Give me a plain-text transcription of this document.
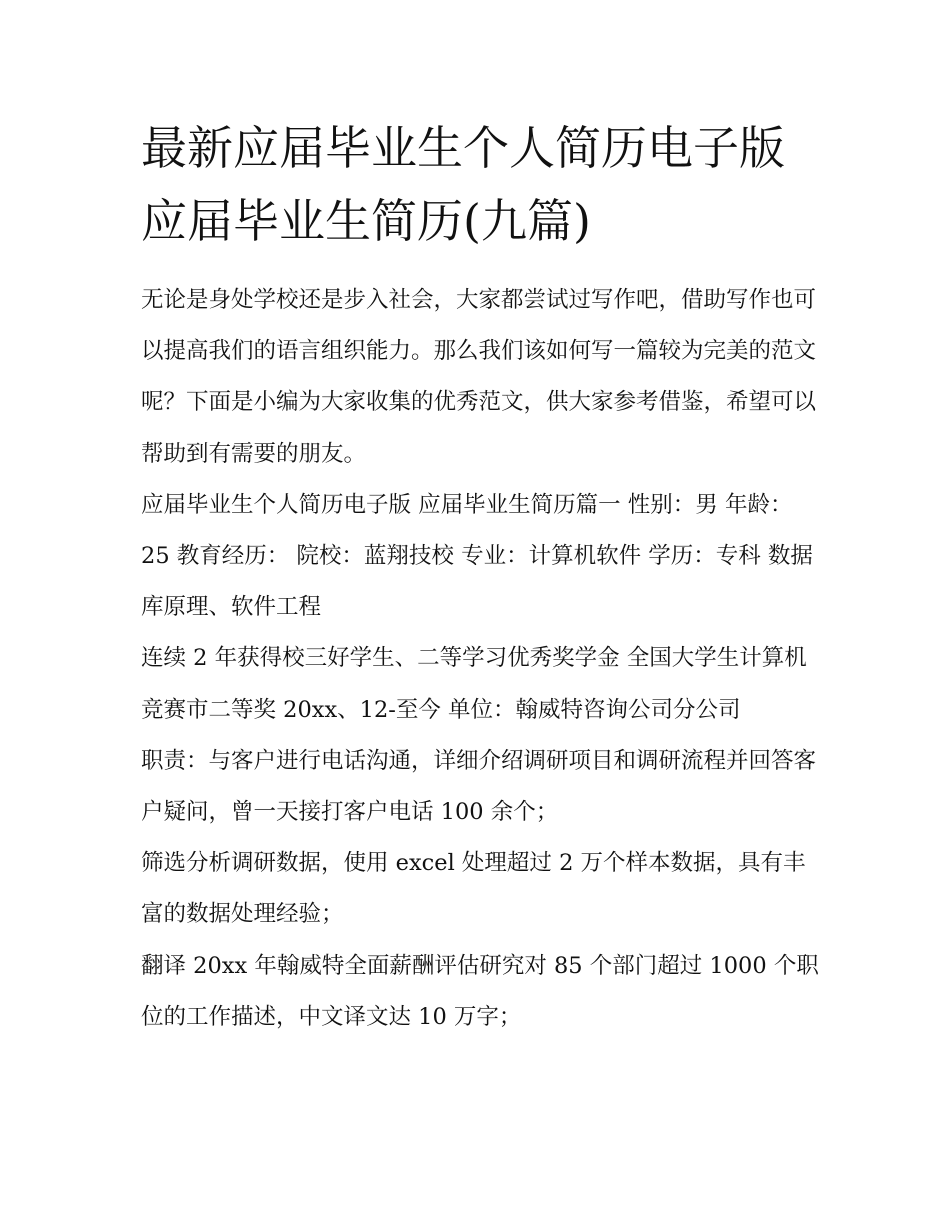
最新应届毕业生个人简历电子版 应届毕业生简历(九篇)

无论是身处学校还是步入社会，大家都尝试过写作吧，借助写作也可以提高我们的语言组织能力。那么我们该如何写一篇较为完美的范文呢？下面是小编为大家收集的优秀范文，供大家参考借鉴，希望可以帮助到有需要的朋友。

应届毕业生个人简历电子版 应届毕业生简历篇一 性别：男 年龄：25 教育经历： 院校：蓝翔技校 专业：计算机软件 学历：专科 数据库原理、软件工程

连续 2 年获得校三好学生、二等学习优秀奖学金 全国大学生计算机竞赛市二等奖 20xx、12-至今 单位：翰威特咨询公司分公司

职责：与客户进行电话沟通，详细介绍调研项目和调研流程并回答客户疑问，曾一天接打客户电话 100 余个；

筛选分析调研数据，使用 excel 处理超过 2 万个样本数据，具有丰富的数据处理经验；

翻译 20xx 年翰威特全面薪酬评估研究对 85 个部门超过 1000 个职位的工作描述，中文译文达 10 万字；
